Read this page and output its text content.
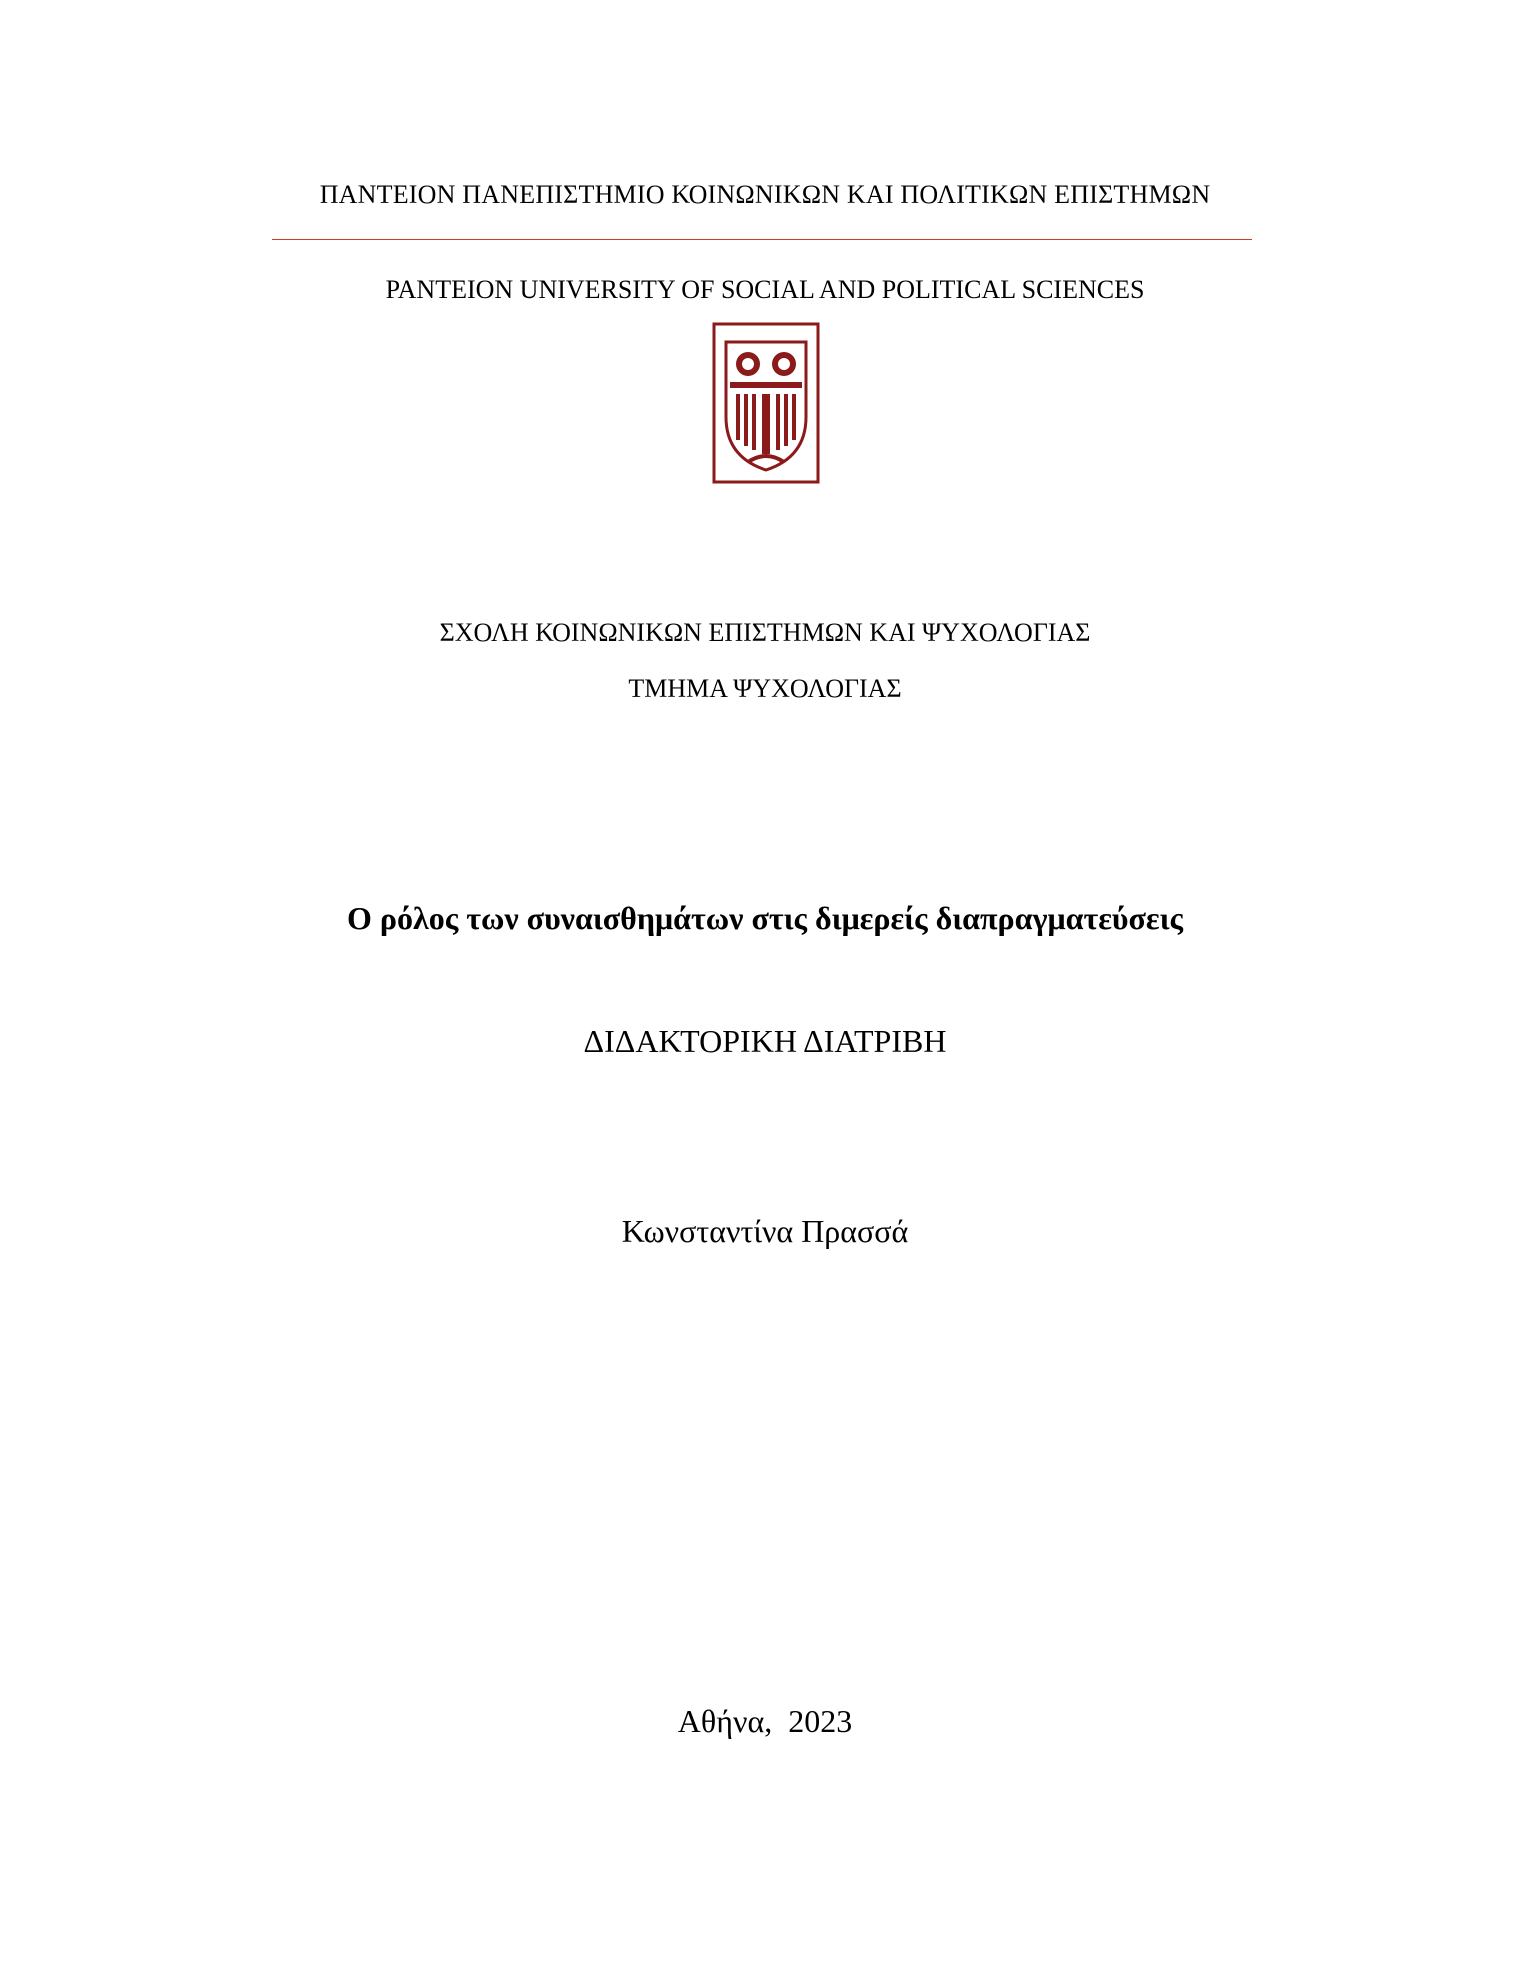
ΠΑΝΤΕΙΟΝ ΠΑΝΕΠΙΣΤΗΜΙΟ ΚΟΙΝΩΝΙΚΩΝ ΚΑΙ ΠΟΛΙΤΙΚΩΝ ΕΠΙΣΤΗΜΩΝ
PANTEION UNIVERSITY OF SOCIAL AND POLITICAL SCIENCES
ΣΧΟΛΗ ΚΟΙΝΩΝΙΚΩΝ ΕΠΙΣΤΗΜΩΝ ΚΑΙ ΨΥΧΟΛΟΓΙΑΣ
ΤΜΗΜΑ ΨΥΧΟΛΟΓΙΑΣ
Ο ρόλος των συναισθημάτων στις διμερείς διαπραγματεύσεις
ΔΙΔΑΚΤΟΡΙΚΗ ΔΙΑΤΡΙΒΗ
Κωνσταντίνα Πρασσά
Αθήνα,  2023
